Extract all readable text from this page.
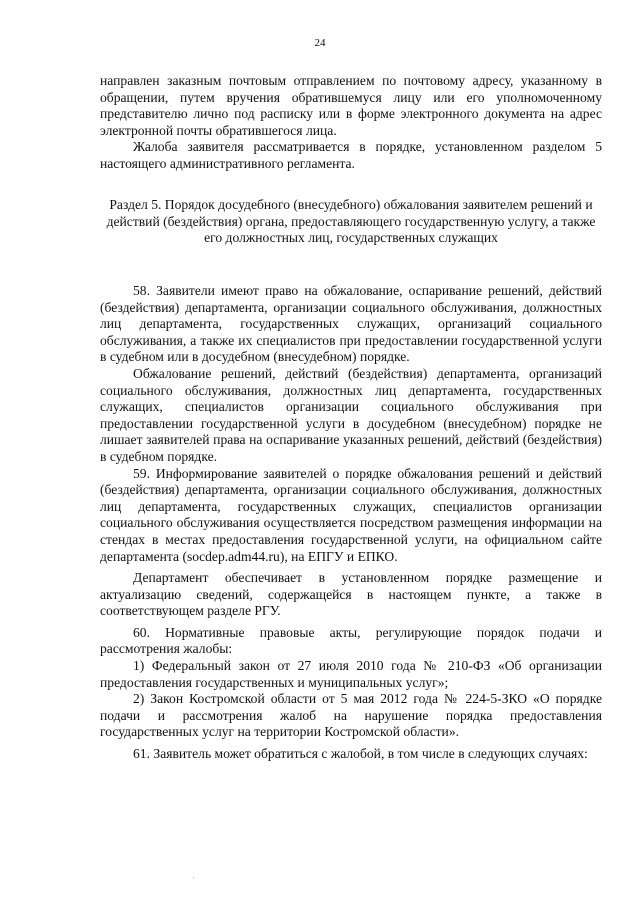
24

направлен заказным почтовым отправлением по почтовому адресу, указанному в обращении, путем вручения обратившемуся лицу или его уполномоченному представителю лично под расписку или в форме электронного документа на адрес электронной почты обратившегося лица.

Жалоба заявителя рассматривается в порядке, установленном разделом 5 настоящего административного регламента.

Раздел 5. Порядок досудебного (внесудебного) обжалования заявителем решений и действий (бездействия) органа, предоставляющего государственную услугу, а также его должностных лиц, государственных служащих

58. Заявители имеют право на обжалование, оспаривание решений, действий (бездействия) департамента, организации социального обслуживания, должностных лиц департамента, государственных служащих, организаций социального обслуживания, а также их специалистов при предоставлении государственной услуги в судебном или в досудебном (внесудебном) порядке.

Обжалование решений, действий (бездействия) департамента, организаций социального обслуживания, должностных лиц департамента, государственных служащих, специалистов организации социального обслуживания при предоставлении государственной услуги в досудебном (внесудебном) порядке не лишает заявителей права на оспаривание указанных решений, действий (бездействия) в судебном порядке.

59. Информирование заявителей о порядке обжалования решений и действий (бездействия) департамента, организации социального обслуживания, должностных лиц департамента, государственных служащих, специалистов организации социального обслуживания осуществляется посредством размещения информации на стендах в местах предоставления государственной услуги, на официальном сайте департамента (socdep.adm44.ru), на ЕПГУ и ЕПКО.

Департамент обеспечивает в установленном порядке размещение и актуализацию сведений, содержащейся в настоящем пункте, а также в соответствующем разделе РГУ.

60. Нормативные правовые акты, регулирующие порядок подачи и рассмотрения жалобы:

1) Федеральный закон от 27 июля 2010 года № 210-ФЗ «Об организации предоставления государственных и муниципальных услуг»;

2) Закон Костромской области от 5 мая 2012 года № 224-5-ЗКО «О порядке подачи и рассмотрения жалоб на нарушение порядка предоставления государственных услуг на территории Костромской области».

61. Заявитель может обратиться с жалобой, в том числе в следующих случаях:
